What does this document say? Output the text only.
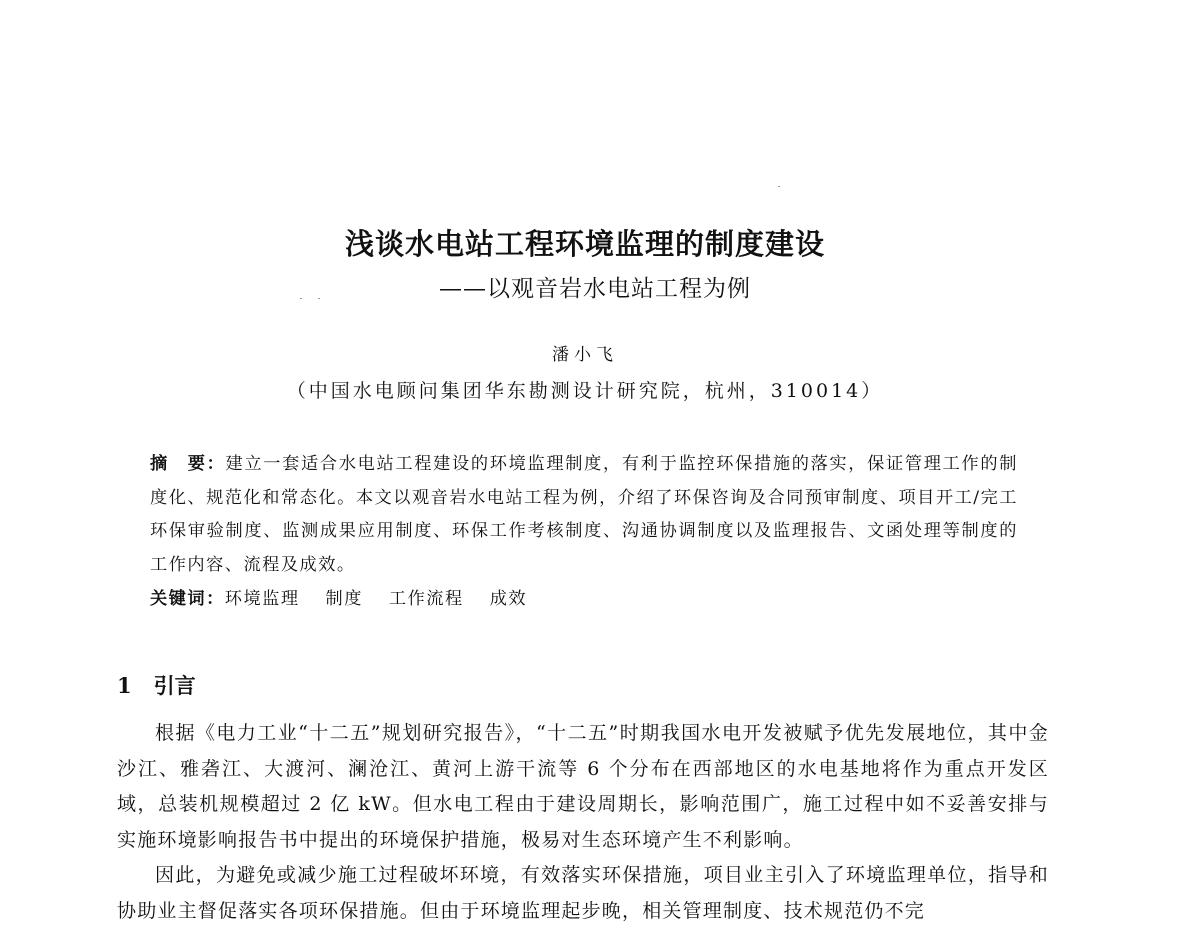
浅谈水电站工程环境监理的制度建设
——以观音岩水电站工程为例
潘小飞
（中国水电顾问集团华东勘测设计研究院，杭州，310014）
摘　要：建立一套适合水电站工程建设的环境监理制度，有利于监控环保措施的落实，保证管理工作的制度化、规范化和常态化。本文以观音岩水电站工程为例，介绍了环保咨询及合同预审制度、项目开工/完工环保审验制度、监测成果应用制度、环保工作考核制度、沟通协调制度以及监理报告、文函处理等制度的工作内容、流程及成效。
关键词：环境监理 制度 工作流程 成效
1 引言

根据《电力工业“十二五”规划研究报告》，“十二五”时期我国水电开发被赋予优先发展地位，其中金沙江、雅砻江、大渡河、澜沧江、黄河上游干流等 6 个分布在西部地区的水电基地将作为重点开发区域，总装机规模超过 2 亿 kW。但水电工程由于建设周期长，影响范围广，施工过程中如不妥善安排与实施环境影响报告书中提出的环境保护措施，极易对生态环境产生不利影响。

因此，为避免或减少施工过程破坏环境，有效落实环保措施，项目业主引入了环境监理单位，指导和协助业主督促落实各项环保措施。但由于环境监理起步晚，相关管理制度、技术规范仍不完
